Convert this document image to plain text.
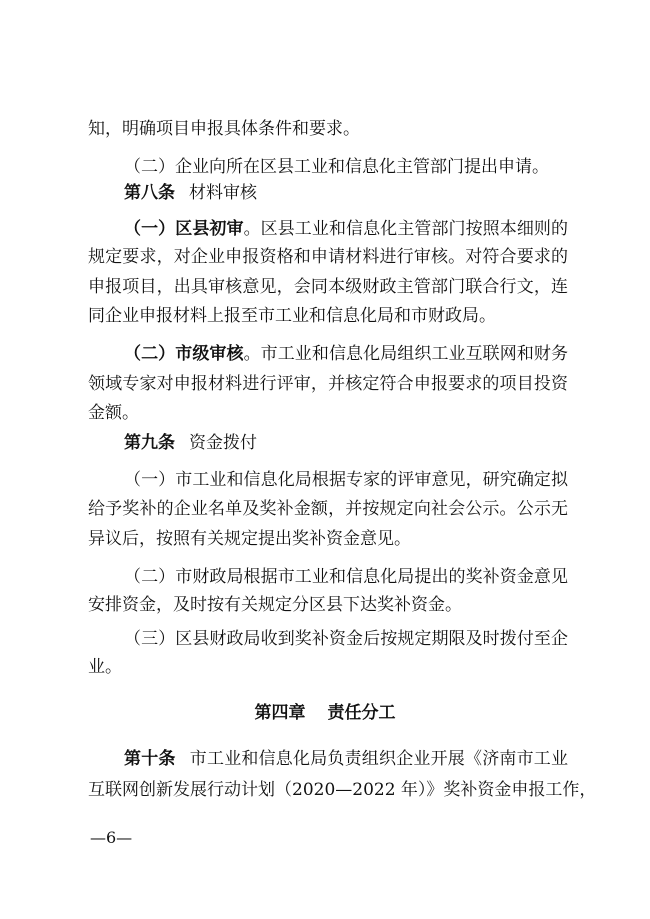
知，明确项目申报具体条件和要求。
（二）企业向所在区县工业和信息化主管部门提出申请。
第八条 材料审核
（一）区县初审。区县工业和信息化主管部门按照本细则的
规定要求，对企业申报资格和申请材料进行审核。对符合要求的
申报项目，出具审核意见，会同本级财政主管部门联合行文，连
同企业申报材料上报至市工业和信息化局和市财政局。
（二）市级审核。市工业和信息化局组织工业互联网和财务
领域专家对申报材料进行评审，并核定符合申报要求的项目投资
金额。
第九条 资金拨付
（一）市工业和信息化局根据专家的评审意见，研究确定拟
给予奖补的企业名单及奖补金额，并按规定向社会公示。公示无
异议后，按照有关规定提出奖补资金意见。
（二）市财政局根据市工业和信息化局提出的奖补资金意见
安排资金，及时按有关规定分区县下达奖补资金。
（三）区县财政局收到奖补资金后按规定期限及时拨付至企
业。
第四章 责任分工
第十条 市工业和信息化局负责组织企业开展《济南市工业
互联网创新发展行动计划（2020—2022 年）》奖补资金申报工作，
—6—
